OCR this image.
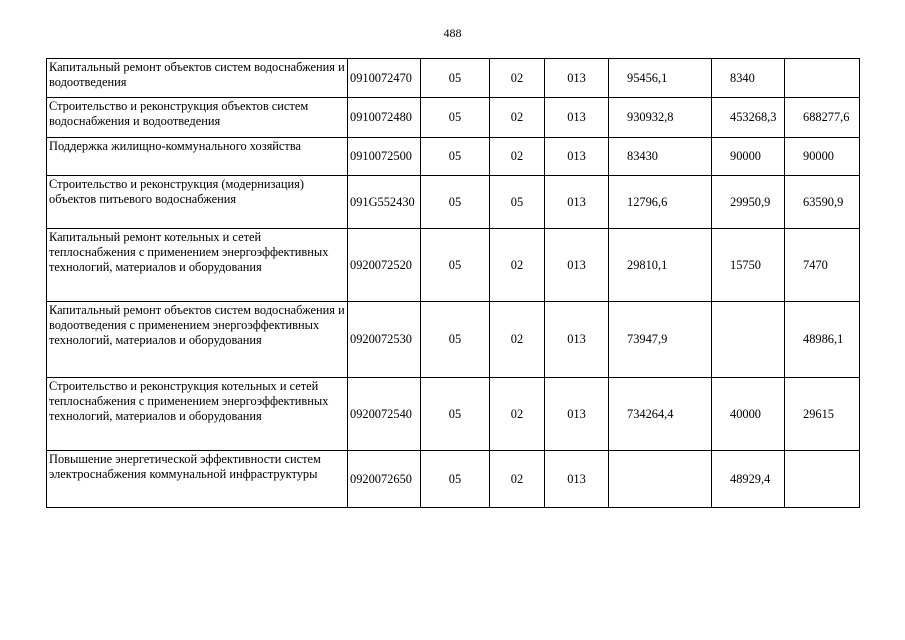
488
Капитальный ремонт объектов систем водоснабжения и водоотведения	0910072470	05	02	013	95456,1	8340	
Строительство и реконструкция объектов систем водоснабжения и водоотведения	0910072480	05	02	013	930932,8	453268,3	688277,6
Поддержка жилищно-коммунального хозяйства	0910072500	05	02	013	83430	90000	90000
Строительство и реконструкция (модернизация) объектов питьевого водоснабжения	091G552430	05	05	013	12796,6	29950,9	63590,9
Капитальный ремонт котельных и сетей теплоснабжения с применением энергоэффективных технологий, материалов и оборудования	0920072520	05	02	013	29810,1	15750	7470
Капитальный ремонт объектов систем водоснабжения и водоотведения с применением энергоэффективных технологий, материалов и оборудования	0920072530	05	02	013	73947,9		48986,1
Строительство и реконструкция котельных и сетей теплоснабжения с применением энергоэффективных технологий, материалов и оборудования	0920072540	05	02	013	734264,4	40000	29615
Повышение энергетической эффективности систем электроснабжения коммунальной инфраструктуры	0920072650	05	02	013		48929,4	
